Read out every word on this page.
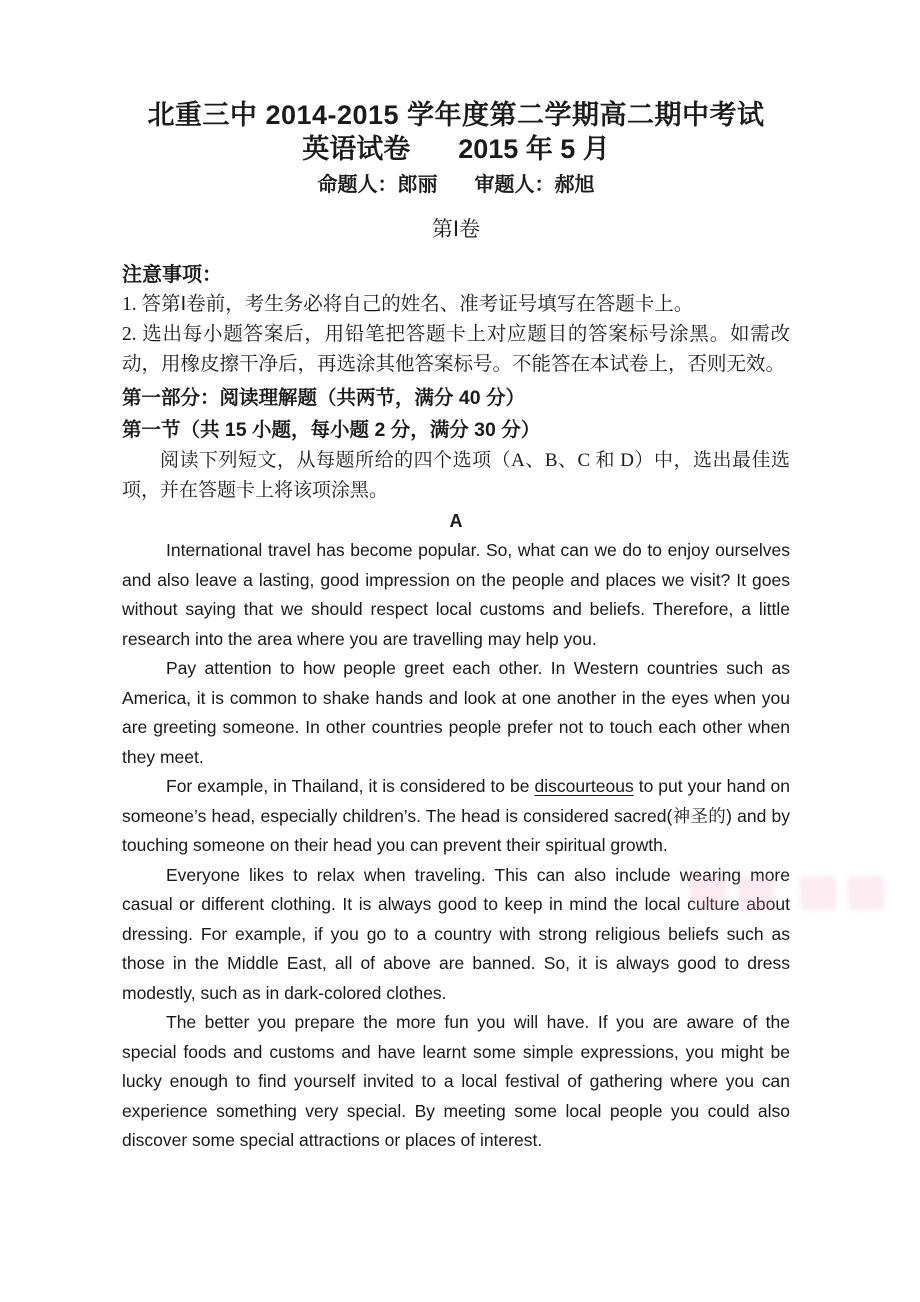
北重三中 2014-2015 学年度第二学期高二期中考试
英语试卷 2015 年 5 月
命题人：郎丽 审题人：郝旭
第Ⅰ卷
注意事项：
1. 答第Ⅰ卷前，考生务必将自己的姓名、准考证号填写在答题卡上。
2. 选出每小题答案后，用铅笔把答题卡上对应题目的答案标号涂黑。如需改动，用橡皮擦干净后，再选涂其他答案标号。不能答在本试卷上，否则无效。
第一部分：阅读理解题（共两节，满分 40 分）
第一节（共 15 小题，每小题 2 分，满分 30 分）
阅读下列短文，从每题所给的四个选项（A、B、C 和 D）中，选出最佳选项，并在答题卡上将该项涂黑。
A

International travel has become popular. So, what can we do to enjoy ourselves and also leave a lasting, good impression on the people and places we visit? It goes without saying that we should respect local customs and beliefs. Therefore, a little research into the area where you are travelling may help you.

Pay attention to how people greet each other. In Western countries such as America, it is common to shake hands and look at one another in the eyes when you are greeting someone. In other countries people prefer not to touch each other when they meet.

For example, in Thailand, it is considered to be discourteous to put your hand on someone’s head, especially children’s. The head is considered sacred(神圣的) and by touching someone on their head you can prevent their spiritual growth.

Everyone likes to relax when traveling. This can also include wearing more casual or different clothing. It is always good to keep in mind the local culture about dressing. For example, if you go to a country with strong religious beliefs such as those in the Middle East, all of above are banned. So, it is always good to dress modestly, such as in dark-colored clothes.

The better you prepare the more fun you will have. If you are aware of the special foods and customs and have learnt some simple expressions, you might be lucky enough to find yourself invited to a local festival of gathering where you can experience something very special. By meeting some local people you could also discover some special attractions or places of interest.
